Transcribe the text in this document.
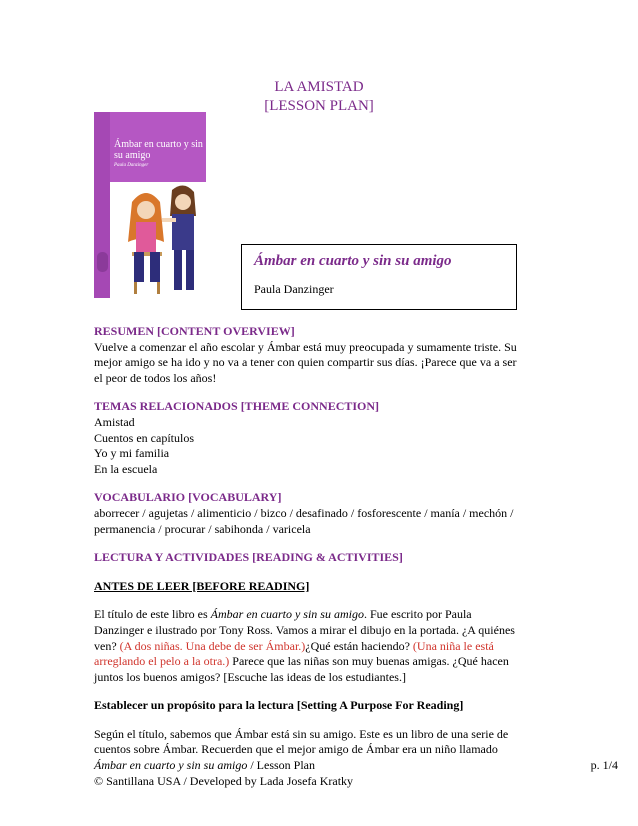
LA AMISTAD
[LESSON PLAN]
Ámbar en cuarto y sin su amigo
Paula Danzinger
Ámbar en cuarto y sin su amigo
Paula Danzinger

RESUMEN [CONTENT OVERVIEW]

Vuelve a comenzar el año escolar y Ámbar está muy preocupada y sumamente triste. Su

mejor amigo se ha ido y no va a tener con quien compartir sus días. ¡Parece que va a ser

el peor de todos los años!

TEMAS RELACIONADOS [THEME CONNECTION]

Amistad

Cuentos en capítulos

Yo y mi familia

En la escuela

VOCABULARIO [VOCABULARY]

aborrecer / agujetas / alimenticio / bizco / desafinado / fosforescente / manía / mechón /

permanencia / procurar / sabihonda / varicela

LECTURA Y ACTIVIDADES [READING & ACTIVITIES]

ANTES DE LEER [BEFORE READING]

El título de este libro es Ámbar en cuarto y sin su amigo. Fue escrito por Paula

Danzinger e ilustrado por Tony Ross. Vamos a mirar el dibujo en la portada. ¿A quiénes

ven? (A dos niñas. Una debe de ser Ámbar.)¿Qué están haciendo? (Una niña le está

arreglando el pelo a la otra.) Parece que las niñas son muy buenas amigas. ¿Qué hacen

juntos los buenos amigos? [Escuche las ideas de los estudiantes.]

Establecer un propósito para la lectura [Setting A Purpose For Reading]

Según el título, sabemos que Ámbar está sin su amigo. Este es un libro de una serie de

cuentos sobre Ámbar. Recuerden que el mejor amigo de Ámbar era un niño llamado

Ámbar en cuarto y sin su amigo / Lesson Plan

© Santillana USA / Developed by Lada Josefa Kratky

p. 1/4
